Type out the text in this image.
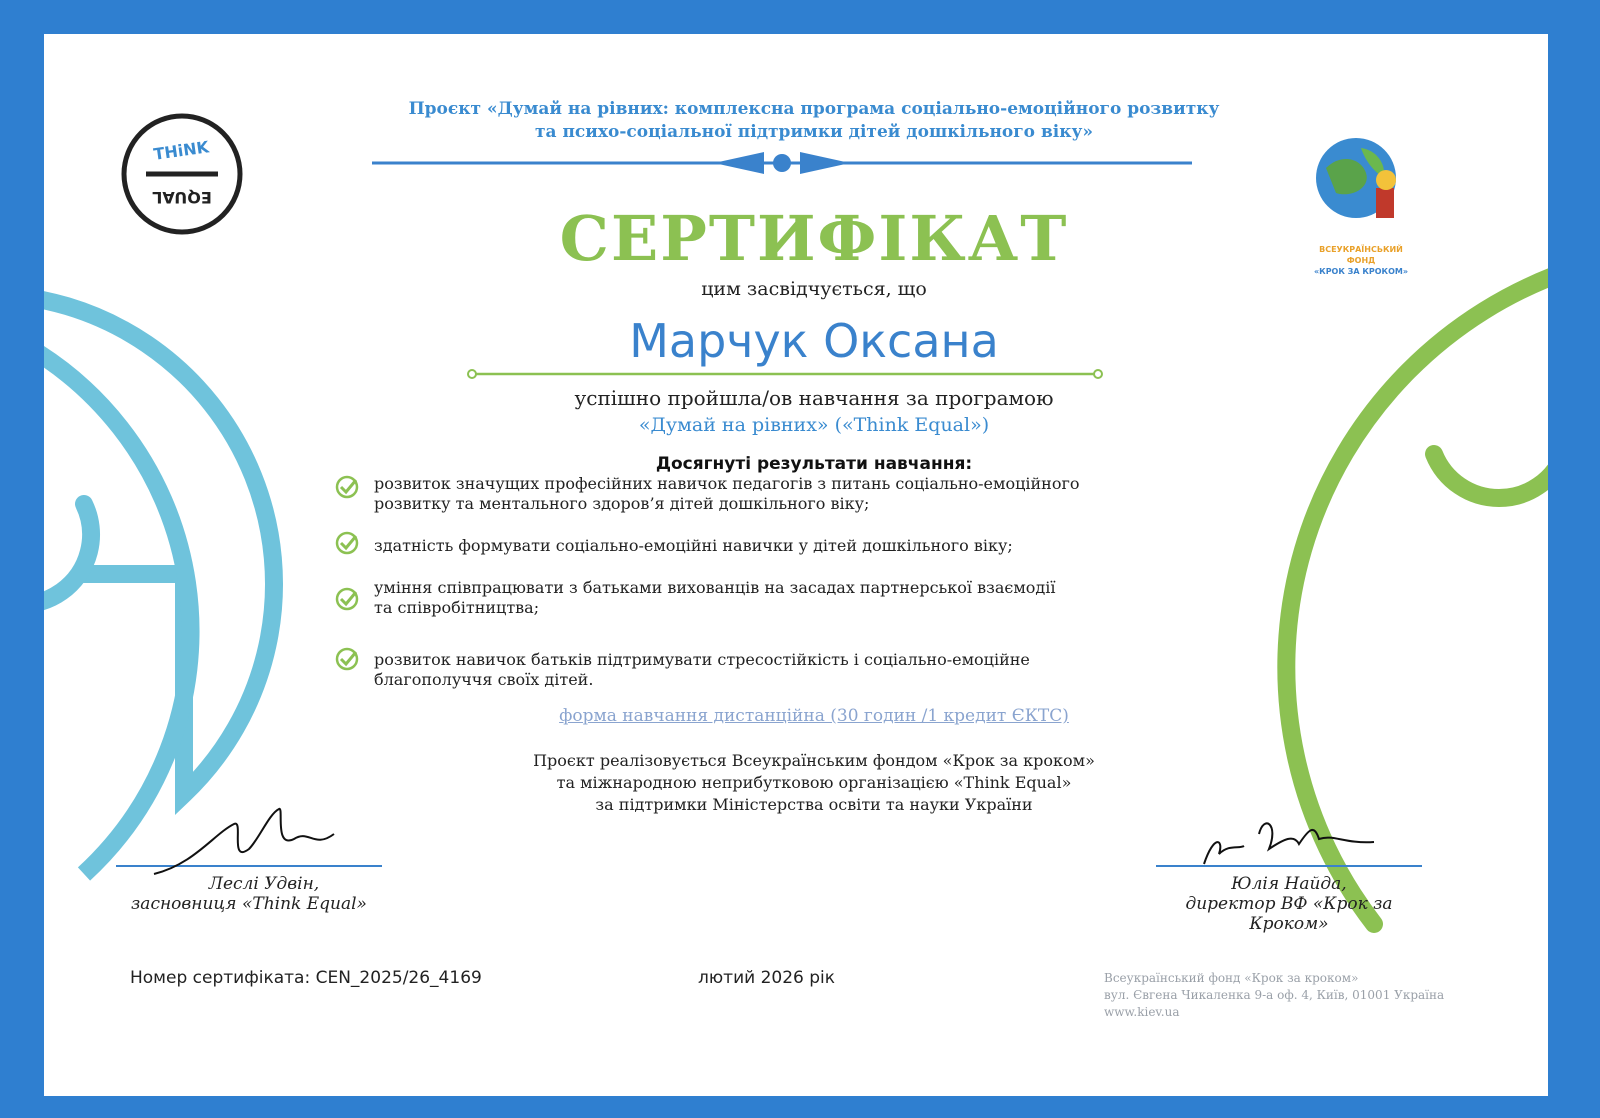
THiNK
EQUAL
ВСЕУКРАЇНСЬКИЙ ФОНД
«КРОК ЗА КРОКОМ»
Проєкт «Думай на рівних: комплексна програма соціально-емоційного розвитку
та психо-соціальної підтримки дітей дошкільного віку»
СЕРТИФІКАТ
цим засвідчується, що
Марчук Оксана
успішно пройшла/ов навчання за програмою
«Думай на рівних» («Think Equal»)
Досягнуті результати навчання:
розвиток значущих професійних навичок педагогів з питань соціально-емоційного
розвитку та ментального здоров’я дітей дошкільного віку;
здатність формувати соціально-емоційні навички у дітей дошкільного віку;
уміння співпрацювати з батьками вихованців на засадах партнерської взаємодії
та співробітництва;
розвиток навичок батьків підтримувати стресостійкість і соціально-емоційне
благополуччя своїх дітей.
форма навчання дистанційна (30 годин /1 кредит ЄКТС)
Проєкт реалізовується Всеукраїнським фондом «Крок за кроком»
та міжнародною неприбутковою організацією «Think Equal»
за підтримки Міністерства освіти та науки України
Леслі Удвін,
засновниця «Think Equal»
Юлія Найда,
директор ВФ «Крок за Кроком»
Номер сертифіката: CEN_2025/26_4169	лютий 2026 рік	Всеукраїнський фонд «Крок за кроком»
вул. Євгена Чикаленка 9-а оф. 4, Київ, 01001 Україна
www.kiev.ua
